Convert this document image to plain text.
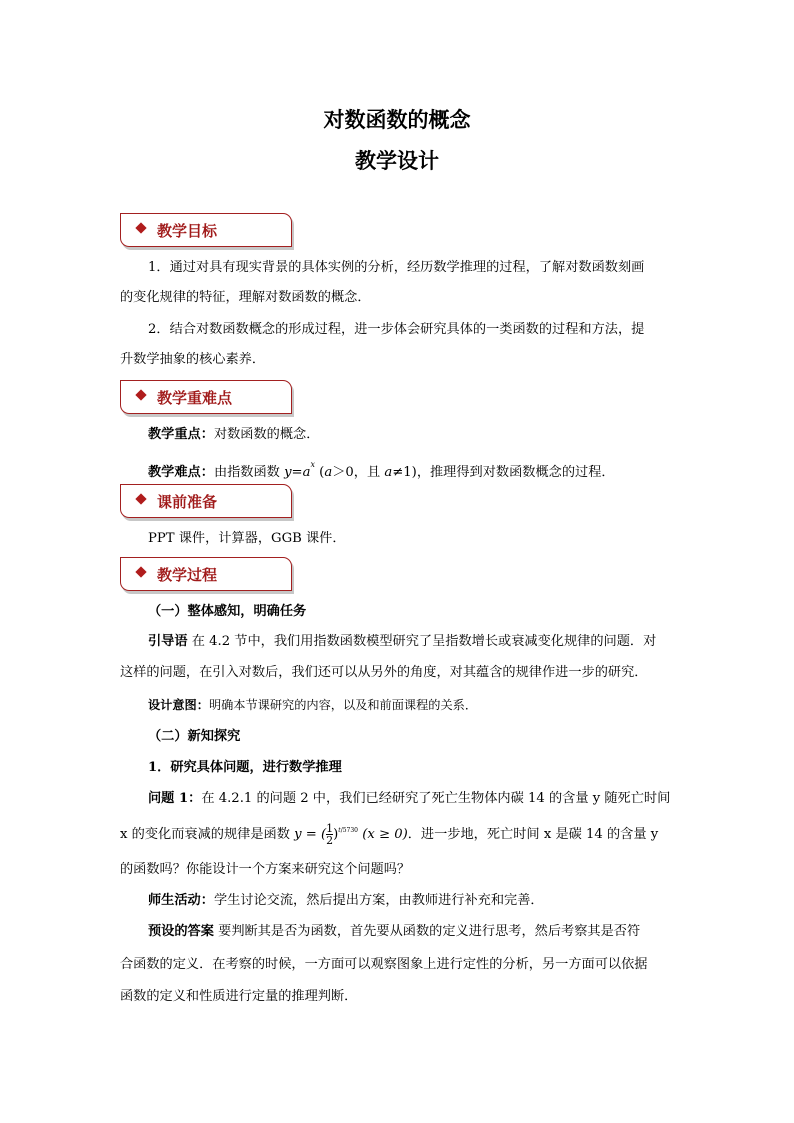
对数函数的概念
教学设计
教学目标
1．通过对具有现实背景的具体实例的分析，经历数学推理的过程，了解对数函数刻画
的变化规律的特征，理解对数函数的概念．
2．结合对数函数概念的形成过程，进一步体会研究具体的一类函数的过程和方法，提
升数学抽象的核心素养．
教学重难点
教学重点：对数函数的概念．
教学难点：由指数函数 $y=a^x$ (a＞0，且 a≠1)，推理得到对数函数概念的过程．
课前准备
PPT 课件，计算器，GGB 课件．
教学过程
（一）整体感知，明确任务
引导语 在 4.2 节中，我们用指数函数模型研究了呈指数增长或衰减变化规律的问题．对
这样的问题，在引入对数后，我们还可以从另外的角度，对其蕴含的规律作进一步的研究．
设计意图：明确本节课研究的内容，以及和前面课程的关系．
（二）新知探究
1．研究具体问题，进行数学推理
问题 1：在 4.2.1 的问题 2 中，我们已经研究了死亡生物体内碳 14 的含量 y 随死亡时间
x 的变化而衰减的规律是函数 y = ( $\frac{1}{2} )^{t/5730}$ (x ≥ 0)．进一步地，死亡时间 x 是碳 14 的含量 y
的函数吗？你能设计一个方案来研究这个问题吗？
师生活动：学生讨论交流，然后提出方案，由教师进行补充和完善．
预设的答案 要判断其是否为函数，首先要从函数的定义进行思考，然后考察其是否符
合函数的定义．在考察的时候，一方面可以观察图象上进行定性的分析，另一方面可以依据
函数的定义和性质进行定量的推理判断．
